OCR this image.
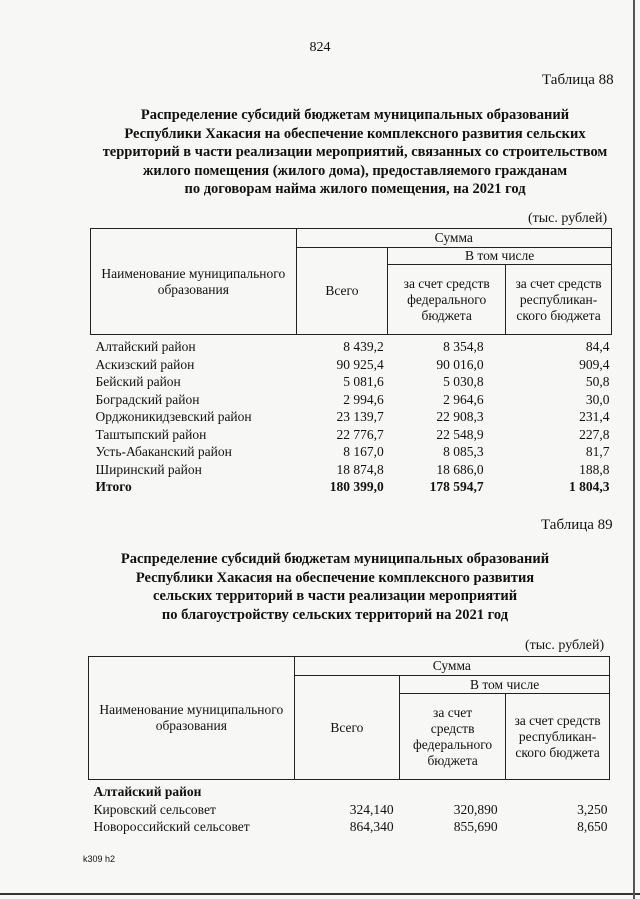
824
Таблица 88
Распределение субсидий бюджетам муниципальных образований
Республики Хакасия на обеспечение комплексного развития сельских
территорий в части реализации мероприятий, связанных со строительством
жилого помещения (жилого дома), предоставляемого гражданам
по договорам найма жилого помещения, на 2021 год
(тыс. рублей)
Наименование муниципального образования	Сумма		
	Всего	В том числе	
		за счет средств федерального бюджета	за счет средств республикан-ского бюджета
Алтайский район	8 439,2	8 354,8	84,4
Аскизский район	90 925,4	90 016,0	909,4
Бейский район	5 081,6	5 030,8	50,8
Боградский район	2 994,6	2 964,6	30,0
Орджоникидзевский район	23 139,7	22 908,3	231,4
Таштыпский район	22 776,7	22 548,9	227,8
Усть-Абаканский район	8 167,0	8 085,3	81,7
Ширинский район	18 874,8	18 686,0	188,8
Итого	180 399,0	178 594,7	1 804,3
Таблица 89
Распределение субсидий бюджетам муниципальных образований
Республики Хакасия на обеспечение комплексного развития
сельских территорий в части реализации мероприятий
по благоустройству сельских территорий на 2021 год
(тыс. рублей)
Наименование муниципального образования	Сумма		
	Всего	В том числе	
		за счет средств федерального бюджета	за счет средств республикан-ского бюджета
Алтайский район			
Кировский сельсовет	324,140	320,890	3,250
Новороссийский сельсовет	864,340	855,690	8,650
k309 h2
